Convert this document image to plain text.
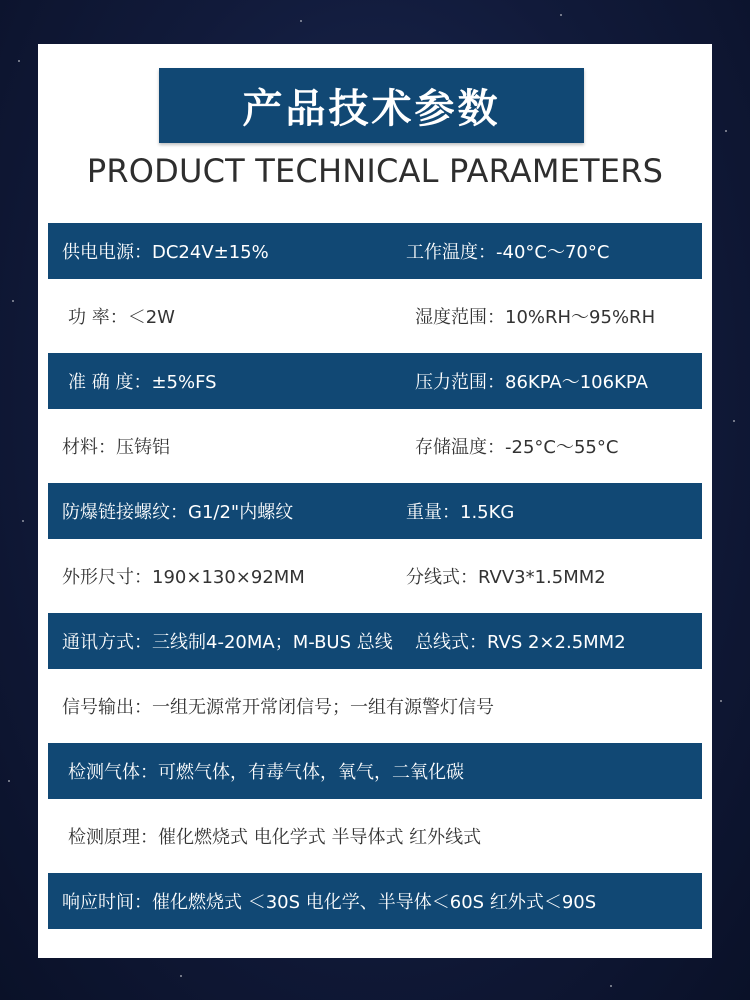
产品技术参数
PRODUCT TECHNICAL PARAMETERS
供电电源：DC24V±15%	工作温度：-40°C～70°C
功 率：＜2W	湿度范围：10%RH～95%RH
准 确 度：±5%FS	压力范围：86KPA～106KPA
材料：压铸铝	存储温度：-25°C～55°C
防爆链接螺纹：G1/2"内螺纹	重量：1.5KG
外形尺寸：190×130×92MM	分线式：RVV3*1.5MM2
通讯方式：三线制4-20MA；M-BUS 总线 总线式：RVS 2×2.5MM2
信号输出：一组无源常开常闭信号；一组有源警灯信号
检测气体：可燃气体，有毒气体，氧气，二氧化碳
检测原理：催化燃烧式 电化学式 半导体式 红外线式
响应时间：催化燃烧式 ＜30S 电化学、半导体＜60S 红外式＜90S
